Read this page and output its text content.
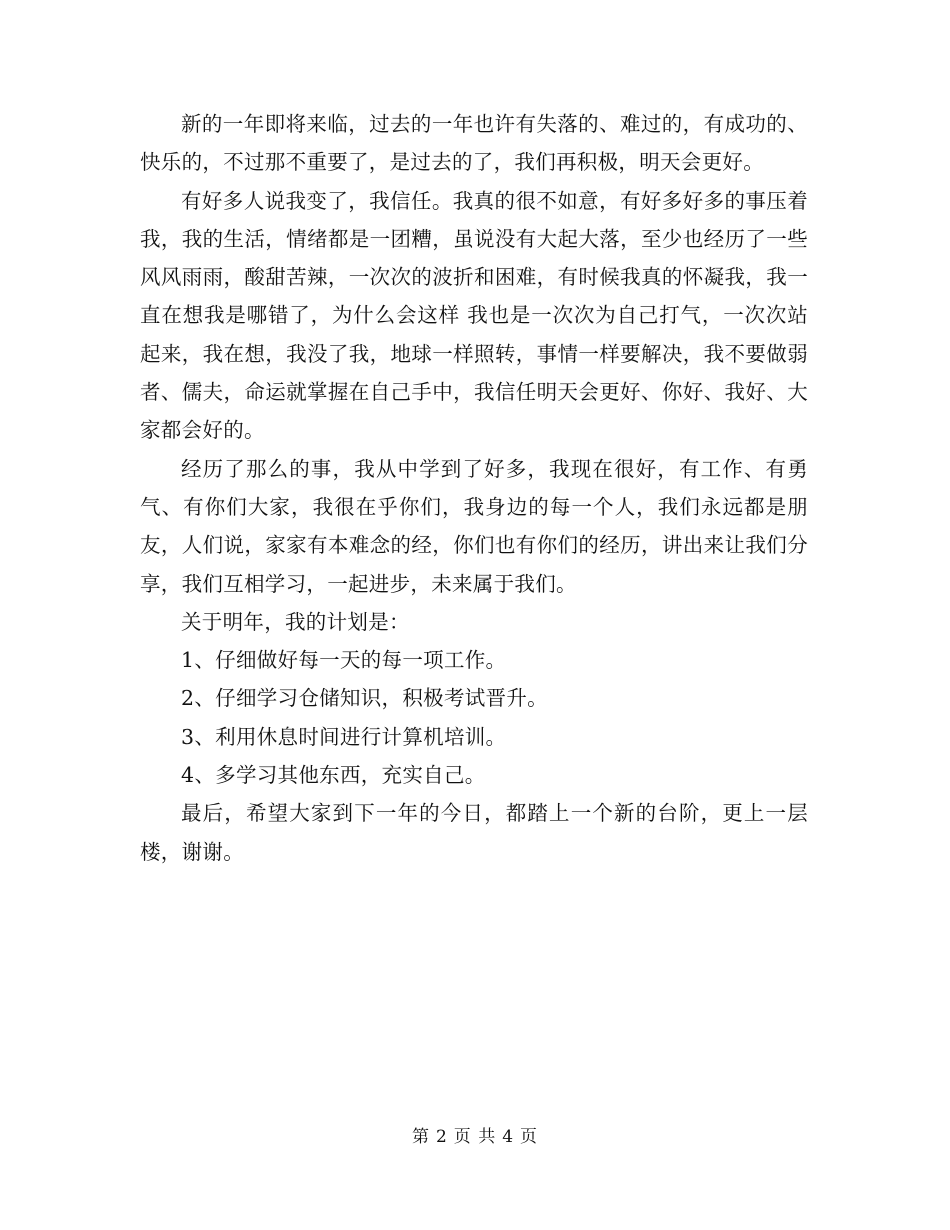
新的一年即将来临，过去的一年也许有失落的、难过的，有成功的、快乐的，不过那不重要了，是过去的了，我们再积极，明天会更好。

有好多人说我变了，我信任。我真的很不如意，有好多好多的事压着我，我的生活，情绪都是一团糟，虽说没有大起大落，至少也经历了一些风风雨雨，酸甜苦辣，一次次的波折和困难，有时候我真的怀凝我，我一直在想我是哪错了，为什么会这样 我也是一次次为自己打气，一次次站起来，我在想，我没了我，地球一样照转，事情一样要解决，我不要做弱者、儒夫，命运就掌握在自己手中，我信任明天会更好、你好、我好、大家都会好的。

经历了那么的事，我从中学到了好多，我现在很好，有工作、有勇气、有你们大家，我很在乎你们，我身边的每一个人，我们永远都是朋友，人们说，家家有本难念的经，你们也有你们的经历，讲出来让我们分享，我们互相学习，一起进步，未来属于我们。

关于明年，我的计划是：

1、仔细做好每一天的每一项工作。

2、仔细学习仓储知识，积极考试晋升。

3、利用休息时间进行计算机培训。

4、多学习其他东西，充实自己。

最后，希望大家到下一年的今日，都踏上一个新的台阶，更上一层楼，谢谢。

第 2 页 共 4 页
